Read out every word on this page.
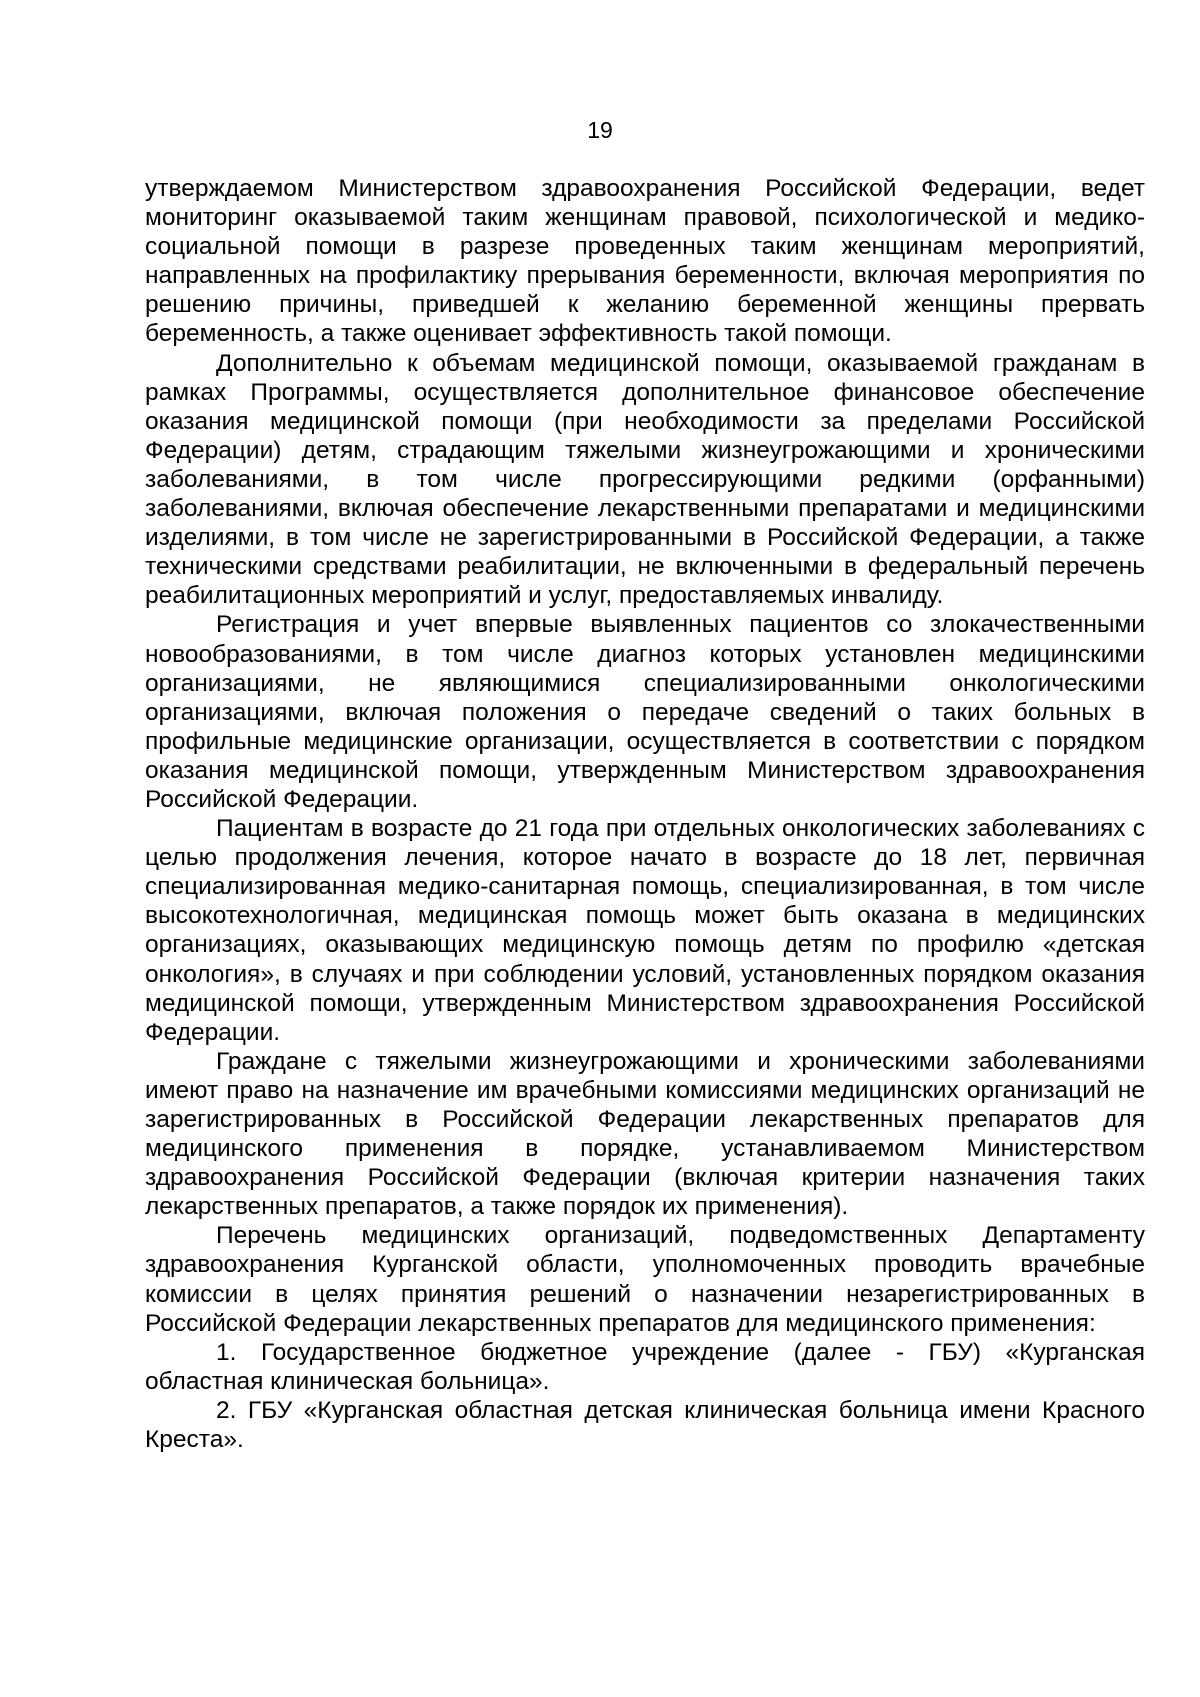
19

утверждаемом Министерством здравоохранения Российской Федерации, ведет мониторинг оказываемой таким женщинам правовой, психологической и медико-социальной помощи в разрезе проведенных таким женщинам мероприятий, направленных на профилактику прерывания беременности, включая мероприятия по решению причины, приведшей к желанию беременной женщины прервать беременность, а также оценивает эффективность такой помощи.

Дополнительно к объемам медицинской помощи, оказываемой гражданам в рамках Программы, осуществляется дополнительное финансовое обеспечение оказания медицинской помощи (при необходимости за пределами Российской Федерации) детям, страдающим тяжелыми жизнеугрожающими и хроническими заболеваниями, в том числе прогрессирующими редкими (орфанными) заболеваниями, включая обеспечение лекарственными препаратами и медицинскими изделиями, в том числе не зарегистрированными в Российской Федерации, а также техническими средствами реабилитации, не включенными в федеральный перечень реабилитационных мероприятий и услуг, предоставляемых инвалиду.

Регистрация и учет впервые выявленных пациентов со злокачественными новообразованиями, в том числе диагноз которых установлен медицинскими организациями, не являющимися специализированными онкологическими организациями, включая положения о передаче сведений о таких больных в профильные медицинские организации, осуществляется в соответствии с порядком оказания медицинской помощи, утвержденным Министерством здравоохранения Российской Федерации.

Пациентам в возрасте до 21 года при отдельных онкологических заболеваниях с целью продолжения лечения, которое начато в возрасте до 18 лет, первичная специализированная медико-санитарная помощь, специализированная, в том числе высокотехнологичная, медицинская помощь может быть оказана в медицинских организациях, оказывающих медицинскую помощь детям по профилю «детская онкология», в случаях и при соблюдении условий, установленных порядком оказания медицинской помощи, утвержденным Министерством здравоохранения Российской Федерации.

Граждане с тяжелыми жизнеугрожающими и хроническими заболеваниями имеют право на назначение им врачебными комиссиями медицинских организаций не зарегистрированных в Российской Федерации лекарственных препаратов для медицинского применения в порядке, устанавливаемом Министерством здравоохранения Российской Федерации (включая критерии назначения таких лекарственных препаратов, а также порядок их применения).

Перечень медицинских организаций, подведомственных Департаменту здравоохранения Курганской области, уполномоченных проводить врачебные комиссии в целях принятия решений о назначении незарегистрированных в Российской Федерации лекарственных препаратов для медицинского применения:

1. Государственное бюджетное учреждение (далее - ГБУ) «Курганская областная клиническая больница».

2. ГБУ «Курганская областная детская клиническая больница имени Красного Креста».
